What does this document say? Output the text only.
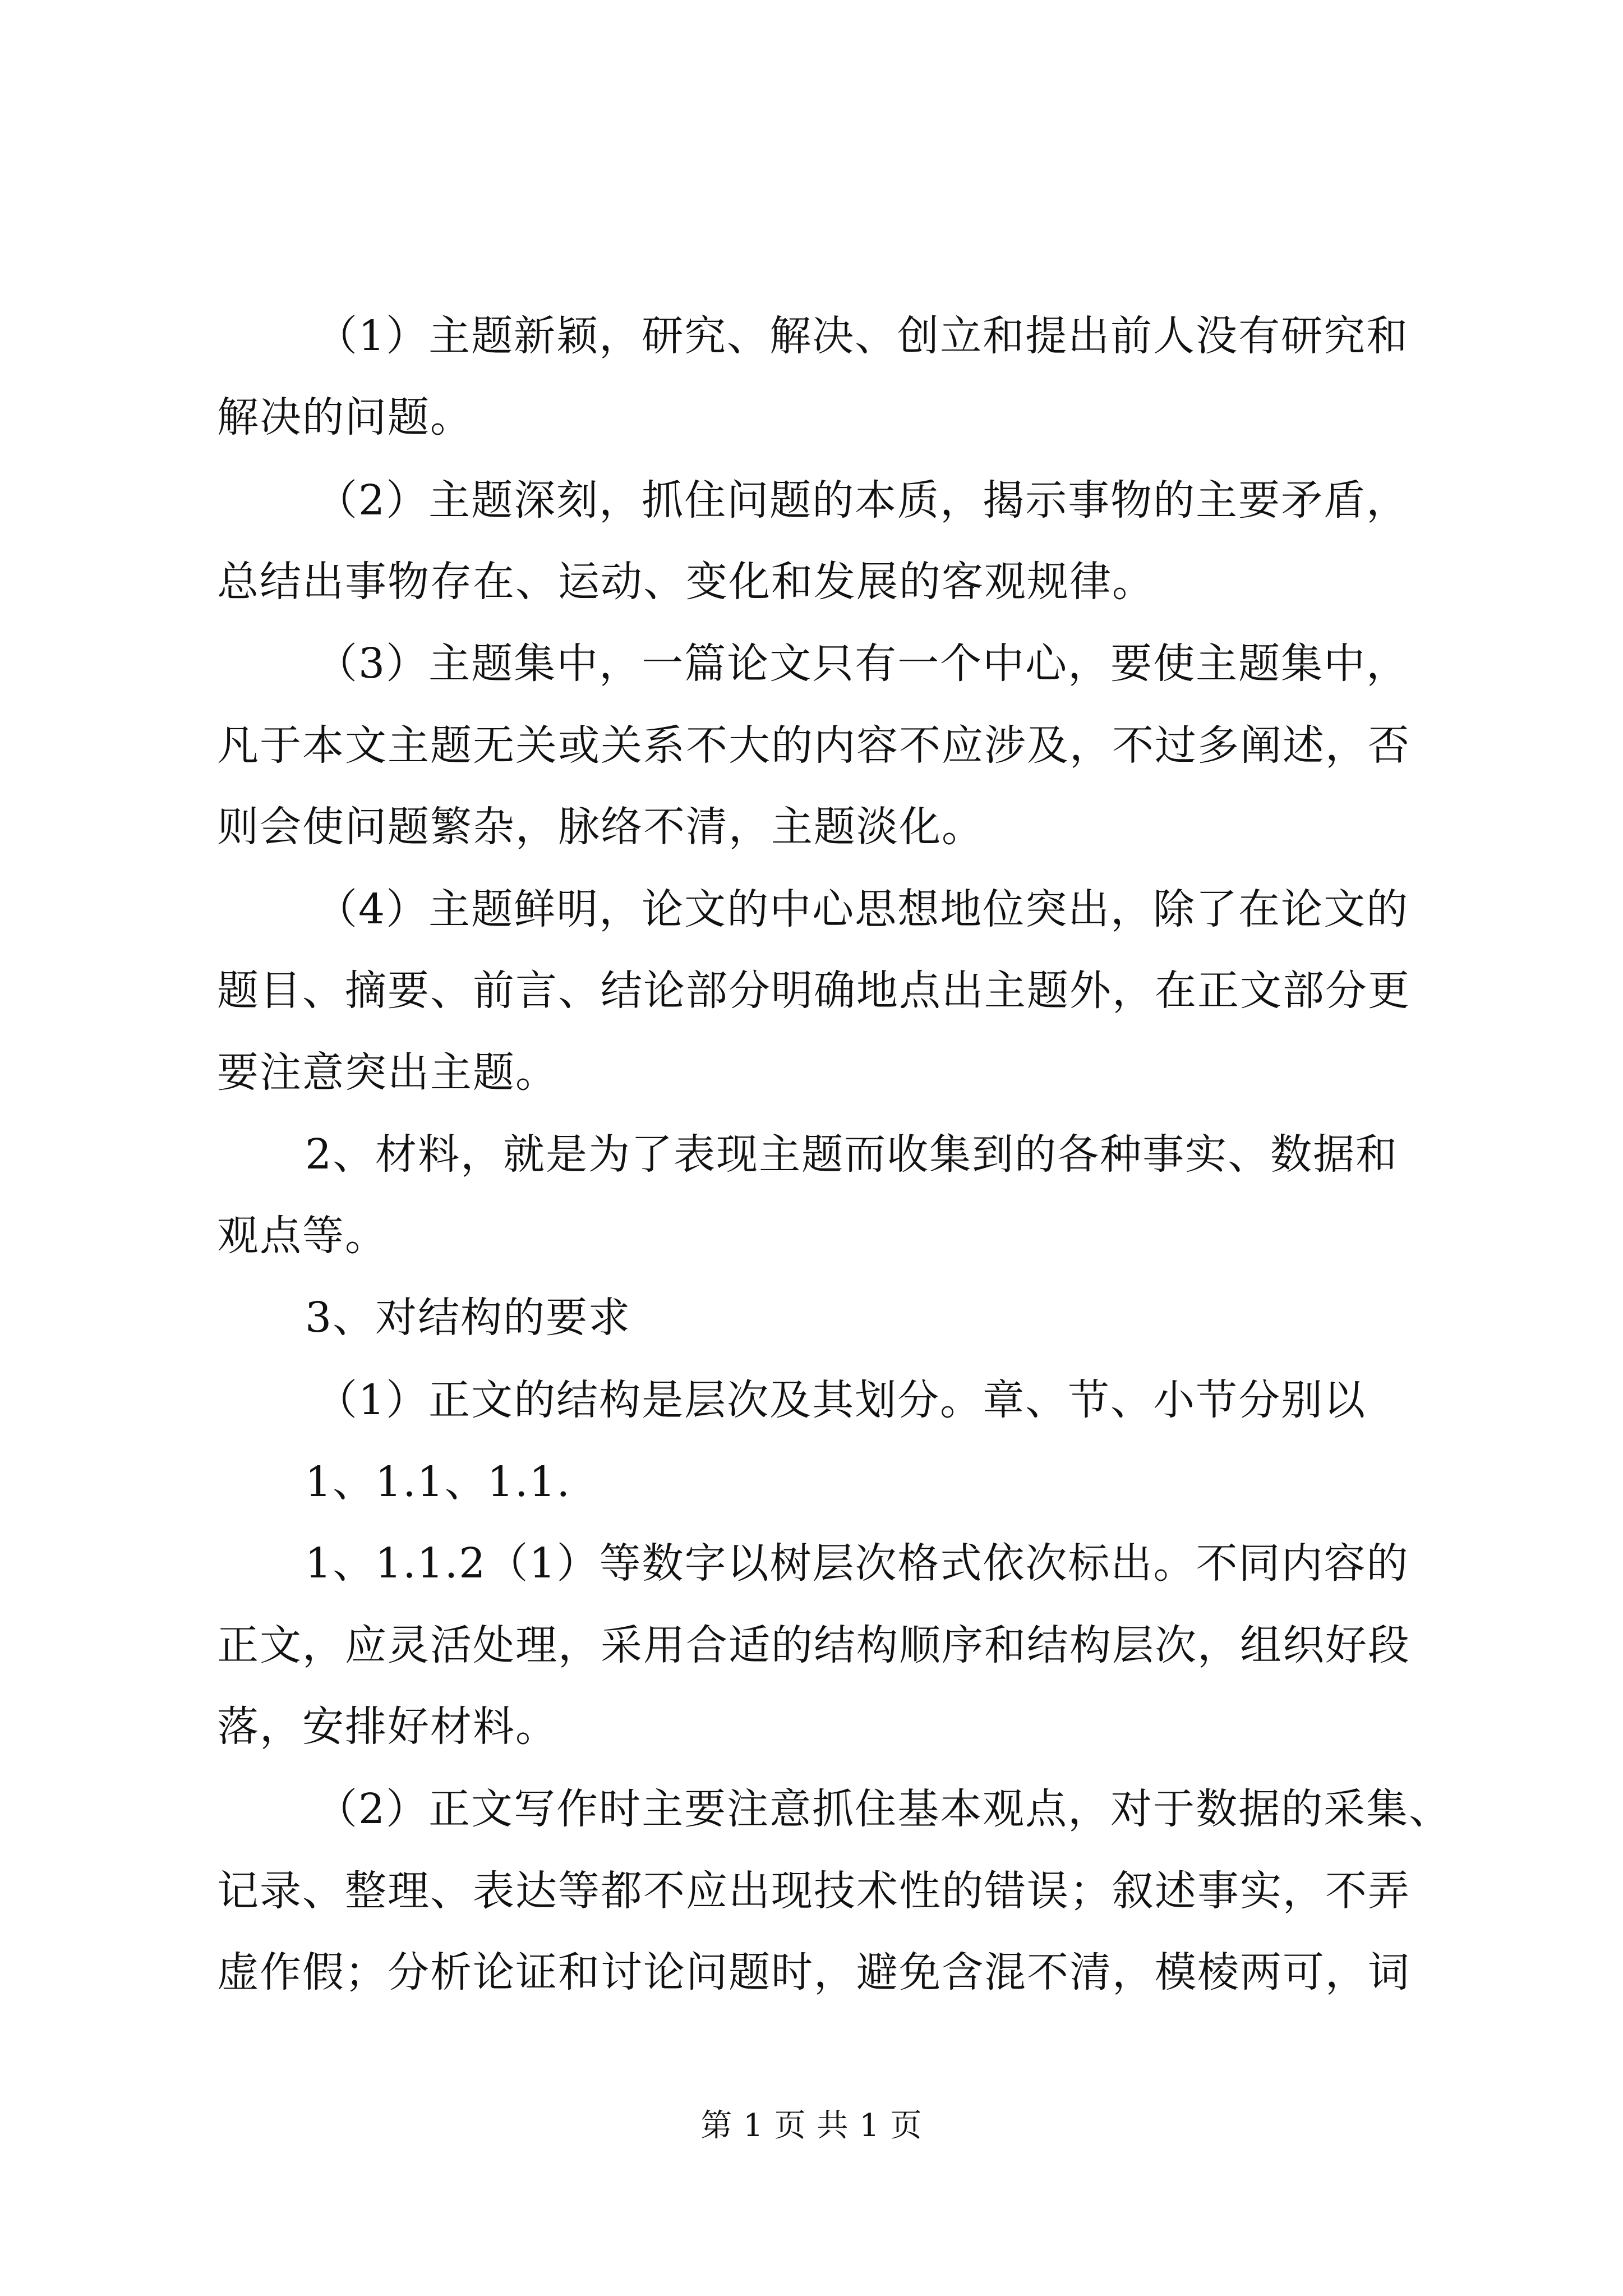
（1）主题新颖，研究、解决、创立和提出前人没有研究和
解决的问题。
（2）主题深刻，抓住问题的本质，揭示事物的主要矛盾，
总结出事物存在、运动、变化和发展的客观规律。
（3）主题集中，一篇论文只有一个中心，要使主题集中，
凡于本文主题无关或关系不大的内容不应涉及，不过多阐述，否
则会使问题繁杂，脉络不清，主题淡化。
（4）主题鲜明，论文的中心思想地位突出，除了在论文的
题目、摘要、前言、结论部分明确地点出主题外，在正文部分更
要注意突出主题。
2、材料，就是为了表现主题而收集到的各种事实、数据和
观点等。
3、对结构的要求
（1）正文的结构是层次及其划分。章、节、小节分别以
1、1.1、1.1.
1、1.1.2（1）等数字以树层次格式依次标出。不同内容的
正文，应灵活处理，采用合适的结构顺序和结构层次，组织好段
落，安排好材料。
（2）正文写作时主要注意抓住基本观点，对于数据的采集、
记录、整理、表达等都不应出现技术性的错误；叙述事实，不弄
虚作假；分析论证和讨论问题时，避免含混不清，模棱两可，词
第 1 页 共 1 页
